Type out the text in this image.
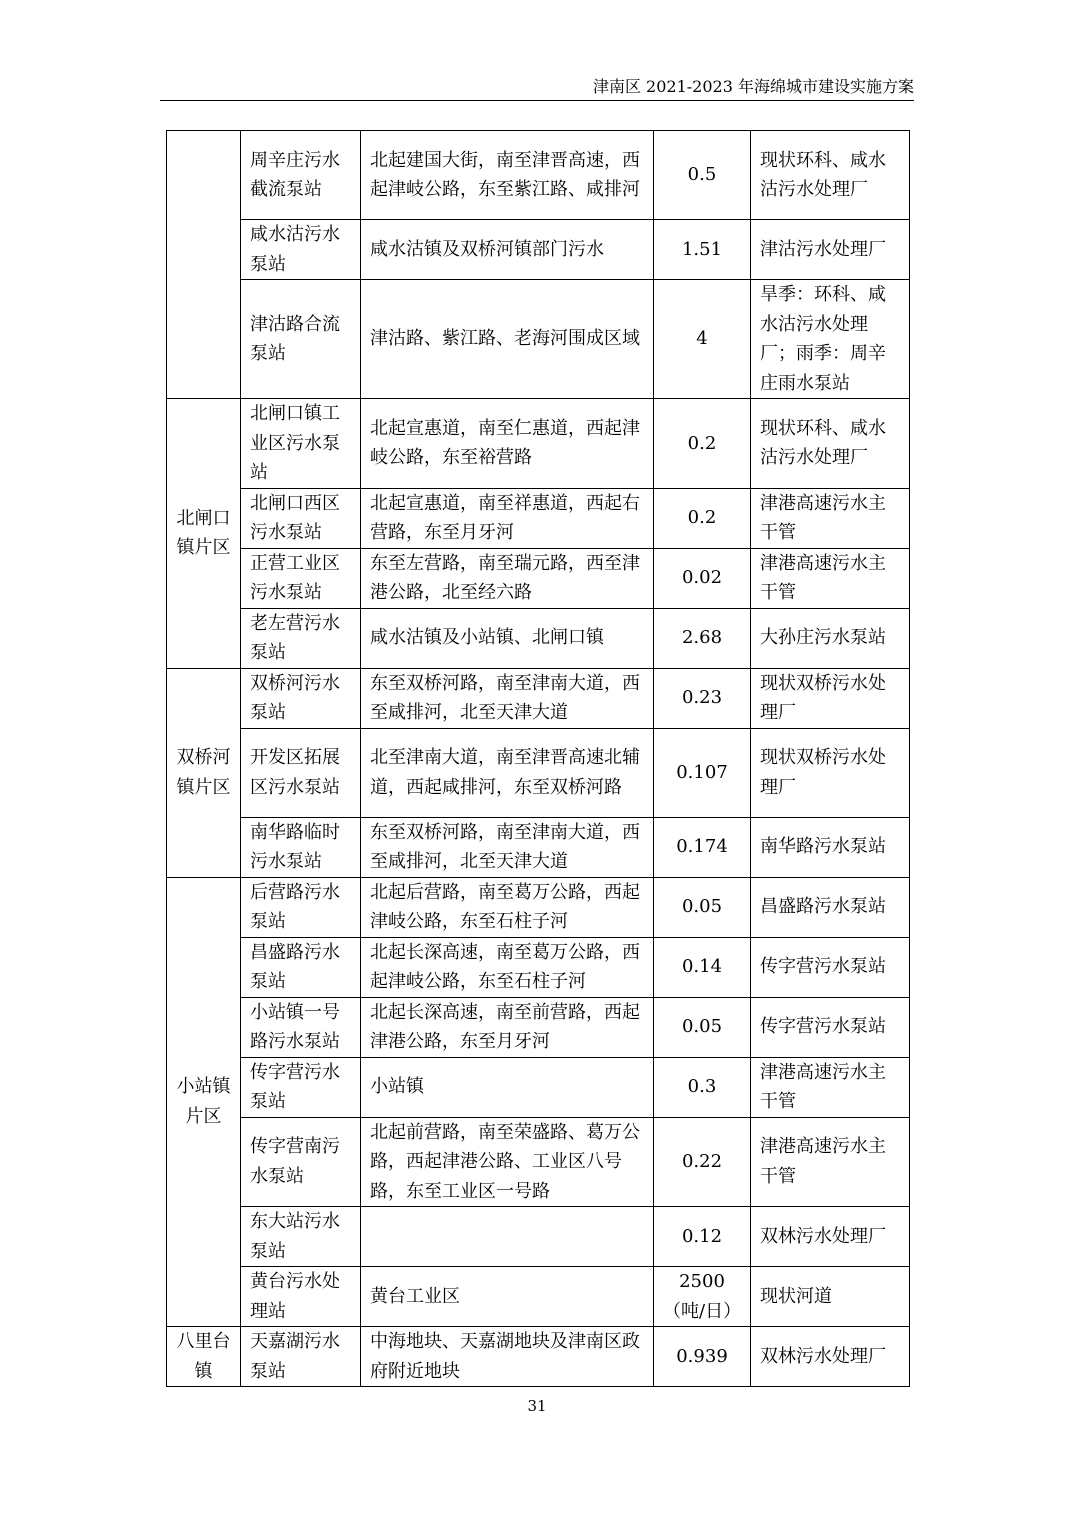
津南区 2021-2023 年海绵城市建设实施方案
	周辛庄污水截流泵站	北起建国大街，南至津晋高速，西起津岐公路，东至紫江路、咸排河	0.5	现状环科、咸水沽污水处理厂
	咸水沽污水泵站	咸水沽镇及双桥河镇部门污水	1.51	津沽污水处理厂
	津沽路合流泵站	津沽路、紫江路、老海河围成区域	4	旱季：环科、咸水沽污水处理厂；雨季：周辛庄雨水泵站
北闸口镇片区	北闸口镇工业区污水泵站	北起宣惠道，南至仁惠道，西起津岐公路，东至裕营路	0.2	现状环科、咸水沽污水处理厂
	北闸口西区污水泵站	北起宣惠道，南至祥惠道，西起右营路，东至月牙河	0.2	津港高速污水主干管
	正营工业区污水泵站	东至左营路，南至瑞元路，西至津港公路，北至经六路	0.02	津港高速污水主干管
	老左营污水泵站	咸水沽镇及小站镇、北闸口镇	2.68	大孙庄污水泵站
双桥河镇片区	双桥河污水泵站	东至双桥河路，南至津南大道，西至咸排河，北至天津大道	0.23	现状双桥污水处理厂
	开发区拓展区污水泵站	北至津南大道，南至津晋高速北辅道，西起咸排河，东至双桥河路	0.107	现状双桥污水处理厂
	南华路临时污水泵站	东至双桥河路，南至津南大道，西至咸排河，北至天津大道	0.174	南华路污水泵站
小站镇片区	后营路污水泵站	北起后营路，南至葛万公路，西起津岐公路，东至石柱子河	0.05	昌盛路污水泵站
	昌盛路污水泵站	北起长深高速，南至葛万公路，西起津岐公路，东至石柱子河	0.14	传字营污水泵站
	小站镇一号路污水泵站	北起长深高速，南至前营路，西起津港公路，东至月牙河	0.05	传字营污水泵站
	传字营污水泵站	小站镇	0.3	津港高速污水主干管
	传字营南污水泵站	北起前营路，南至荣盛路、葛万公路，西起津港公路、工业区八号路，东至工业区一号路	0.22	津港高速污水主干管
	东大站污水泵站		0.12	双林污水处理厂
	黄台污水处理站	黄台工业区	2500（吨/日）	现状河道
八里台镇	天嘉湖污水泵站	中海地块、天嘉湖地块及津南区政府附近地块	0.939	双林污水处理厂
31
